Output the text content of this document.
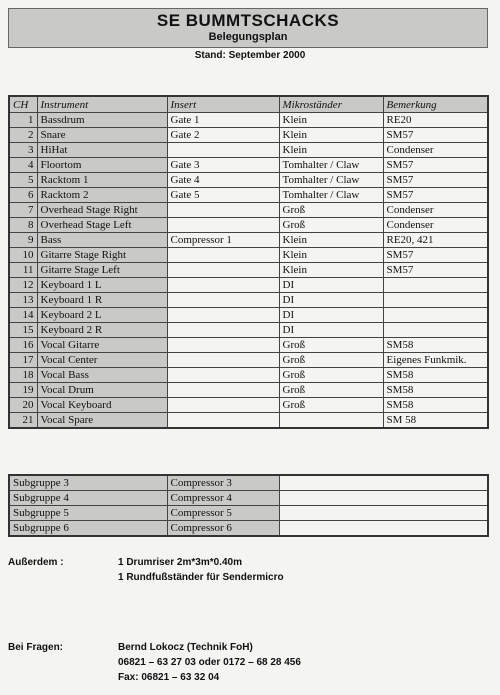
SE BUMMTSCHACKS
Belegungsplan
Stand: September 2000
CH	Instrument	Insert	Mikroständer	Bemerkung
1	Bassdrum	Gate 1	Klein	RE20
2	Snare	Gate 2	Klein	SM57
3	HiHat		Klein	Condenser
4	Floortom	Gate 3	Tomhalter / Claw	SM57
5	Racktom 1	Gate 4	Tomhalter / Claw	SM57
6	Racktom 2	Gate 5	Tomhalter / Claw	SM57
7	Overhead Stage Right		Groß	Condenser
8	Overhead Stage Left		Groß	Condenser
9	Bass	Compressor 1	Klein	RE20, 421
10	Gitarre Stage Right		Klein	SM57
11	Gitarre Stage Left		Klein	SM57
12	Keyboard 1 L		DI	
13	Keyboard 1 R		DI	
14	Keyboard 2 L		DI	
15	Keyboard 2 R		DI	
16	Vocal Gitarre		Groß	SM58
17	Vocal Center		Groß	Eigenes Funkmik.
18	Vocal Bass		Groß	SM58
19	Vocal Drum		Groß	SM58
20	Vocal Keyboard		Groß	SM58
21	Vocal Spare			SM 58
Subgruppe 3	Compressor 3	
Subgruppe 4	Compressor 4	
Subgruppe 5	Compressor 5	
Subgruppe 6	Compressor 6	
Außerdem :	1 Drumriser 2m*3m*0.40m
1 Rundfußständer für Sendermicro
Bei Fragen:	Bernd Lokocz (Technik FoH)
06821 – 63 27 03 oder 0172 – 68 28 456
Fax: 06821 – 63 32 04
